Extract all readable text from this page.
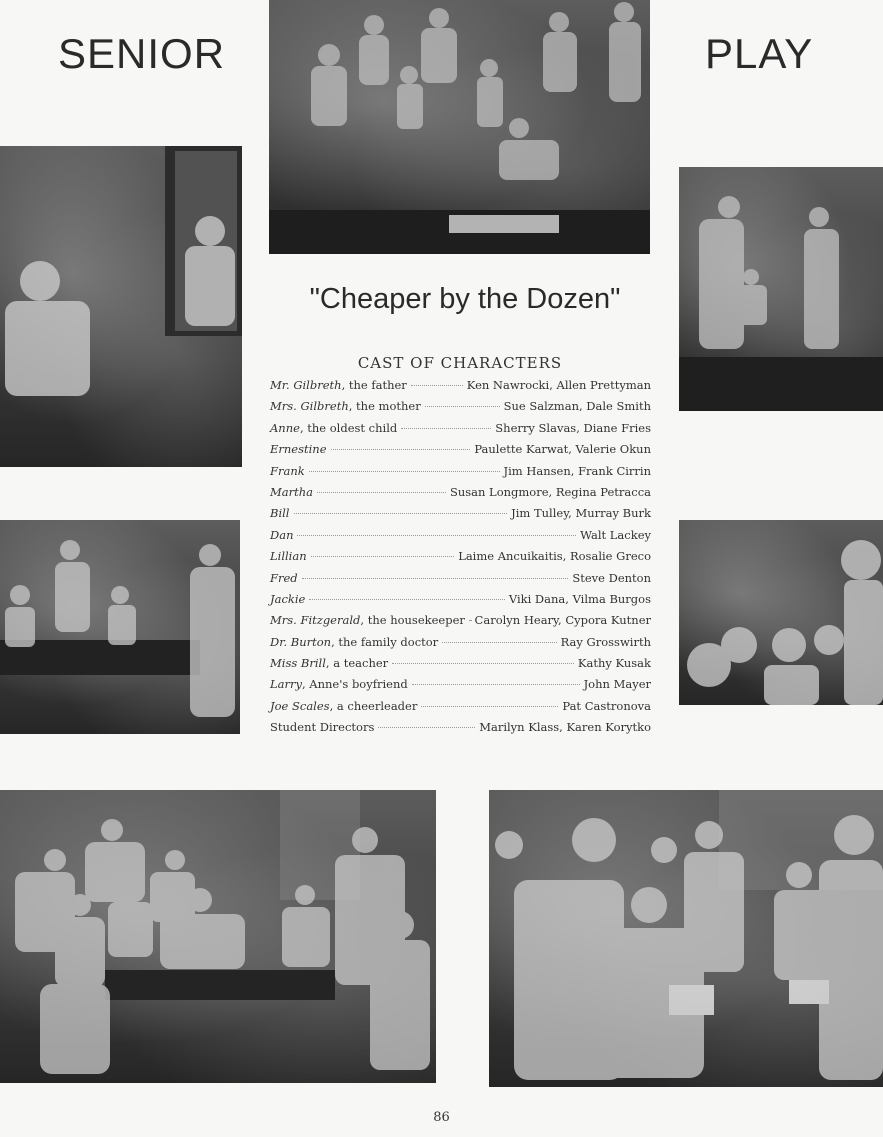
SENIOR	PLAY
"Cheaper by the Dozen"
CAST OF CHARACTERS
Mr. Gilbreth, the father	Ken Nawrocki, Allen Prettyman
Mrs. Gilbreth, the mother	Sue Salzman, Dale Smith
Anne, the oldest child	Sherry Slavas, Diane Fries
Ernestine	Paulette Karwat, Valerie Okun
Frank	Jim Hansen, Frank Cirrin
Martha	Susan Longmore, Regina Petracca
Bill	Jim Tulley, Murray Burk
Dan	Walt Lackey
Lillian	Laime Ancuikaitis, Rosalie Greco
Fred	Steve Denton
Jackie	Viki Dana, Vilma Burgos
Mrs. Fitzgerald, the housekeeper Carolyn Heary, Cypora Kutner
Dr. Burton, the family doctor	Ray Grosswirth
Miss Brill, a teacher	Kathy Kusak
Larry, Anne's boyfriend	John Mayer
Joe Scales, a cheerleader	Pat Castronova
Student Directors	Marilyn Klass, Karen Korytko
86
